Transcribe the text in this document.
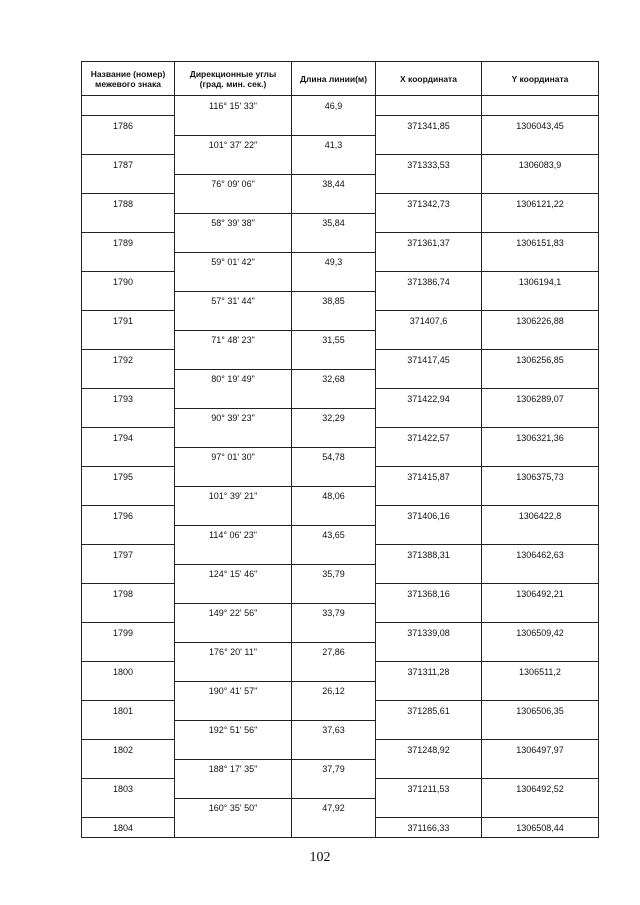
Название (номер) межевого знака	Дирекционные углы (град. мин. сек.)	Длина линии(м)	X координата	Y координата
	116° 15' 33"	46,9		
1786			371341,85	1306043,45
	101° 37' 22"	41,3		
1787			371333,53	1306083,9
	76° 09' 06"	38,44		
1788			371342,73	1306121,22
	58° 39' 38"	35,84		
1789			371361,37	1306151,83
	59° 01' 42"	49,3		
1790			371386,74	1306194,1
	57° 31' 44"	38,85		
1791			371407,6	1306226,88
	71° 48' 23"	31,55		
1792			371417,45	1306256,85
	80° 19' 49"	32,68		
1793			371422,94	1306289,07
	90° 39' 23"	32,29		
1794			371422,57	1306321,36
	97° 01' 30"	54,78		
1795			371415,87	1306375,73
	101° 39' 21"	48,06		
1796			371406,16	1306422,8
	114° 06' 23"	43,65		
1797			371388,31	1306462,63
	124° 15' 46"	35,79		
1798			371368,16	1306492,21
	149° 22' 56"	33,79		
1799			371339,08	1306509,42
	176° 20' 11"	27,86		
1800			371311,28	1306511,2
	190° 41' 57"	26,12		
1801			371285,61	1306506,35
	192° 51' 56"	37,63		
1802			371248,92	1306497,97
	188° 17' 35"	37,79		
1803			371211,53	1306492,52
	160° 35' 50"	47,92		
1804			371166,33	1306508,44
102
